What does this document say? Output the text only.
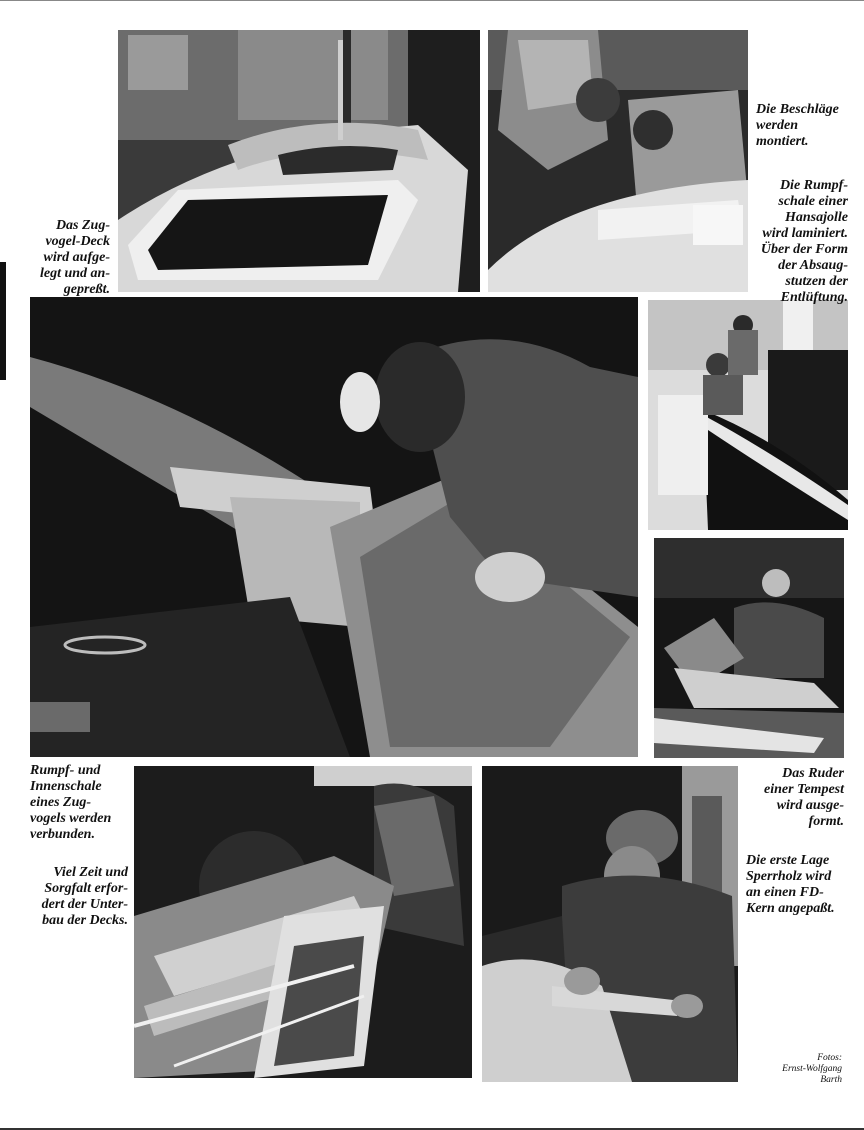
Das Zug-
vogel-Deck
wird aufge-
legt und an-
gepreßt.
Die Beschläge
werden
montiert.
Die Rumpf-
schale einer
Hansajolle
wird laminiert.
Über der Form
der Absaug-
stutzen der
Entlüftung.
Rumpf- und
Innenschale
eines Zug-
vogels werden
verbunden.
Viel Zeit und
Sorgfalt erfor-
dert der Unter-
bau der Decks.
Das Ruder
einer Tempest
wird ausge-
formt.
Die erste Lage
Sperrholz wird
an einen FD-
Kern angepaßt.
Fotos:
Ernst-Wolfgang
Barth
